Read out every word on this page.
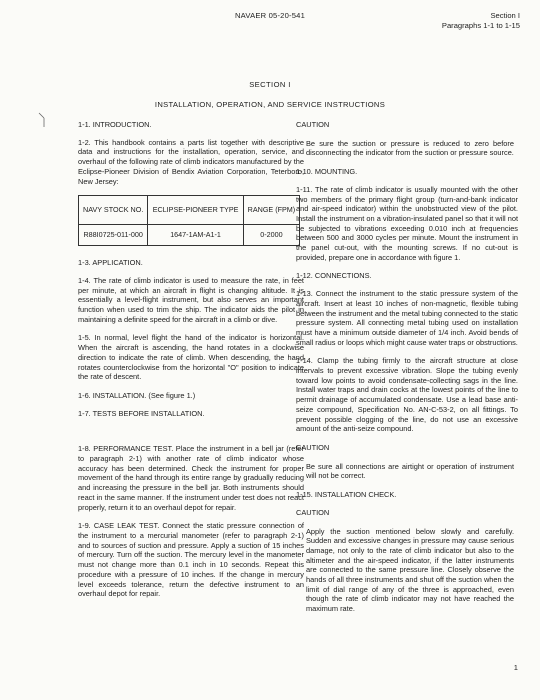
NAVAER 05-20-541	Section I
Paragraphs 1-1 to 1-15
SECTION I
INSTALLATION, OPERATION, AND SERVICE INSTRUCTIONS

1-1. INTRODUCTION.

1-2. This handbook contains a parts list together with descriptive data and instructions for the installation, operation, service, and overhaul of the following rate of climb indicators manufactured by the Eclipse-Pioneer Division of Bendix Aviation Corporation, Teterboro, New Jersey:

NAVY STOCK NO.	ECLIPSE-PIONEER TYPE	RANGE (FPM)
R88I0725-011-000	1647-1AM-A1-1	0-2000

1-3. APPLICATION.

1-4. The rate of climb indicator is used to measure the rate, in feet per minute, at which an aircraft in flight is changing altitude. It is essentially a level-flight instrument, but also serves an important function when used to trim the ship. The indicator aids the pilot in maintaining a definite speed for the aircraft in a climb or dive.

1-5. In normal, level flight the hand of the indicator is horizontal. When the aircraft is ascending, the hand rotates in a clockwise direction to indicate the rate of climb. When descending, the hand rotates counterclockwise from the horizontal "O" position to indicate the rate of descent.

1-6. INSTALLATION. (See figure 1.)

1-7. TESTS BEFORE INSTALLATION.

1-8. PERFORMANCE TEST. Place the instrument in a bell jar (refer to paragraph 2-1) with another rate of climb indicator whose accuracy has been determined. Check the instrument for proper movement of the hand through its entire range by gradually reducing and increasing the pressure in the bell jar. Both instruments should react in the same manner. If the instrument under test does not react properly, return it to an overhaul depot for repair.

1-9. CASE LEAK TEST. Connect the static pressure connection of the instrument to a mercurial manometer (refer to paragraph 2-1) and to sources of suction and pressure. Apply a suction of 15 inches of mercury. Turn off the suction. The mercury level in the manometer must not change more than 0.1 inch in 10 seconds. Repeat this procedure with a pressure of 10 inches. If the change in mercury level exceeds tolerance, return the defective instrument to an overhaul depot for repair.

CAUTION

Be sure the suction or pressure is reduced to zero before disconnecting the indicator from the suction or pressure source.

1-10. MOUNTING.

1-11. The rate of climb indicator is usually mounted with the other two members of the primary flight group (turn-and-bank indicator and air-speed indicator) within the unobstructed view of the pilot. Install the instrument on a vibration-insulated panel so that it will not be subjected to vibrations exceeding 0.010 inch at frequencies between 500 and 3000 cycles per minute. Mount the instrument in the panel cut-out, with the mounting screws. If no cut-out is provided, prepare one in accordance with figure 1.

1-12. CONNECTIONS.

1-13. Connect the instrument to the static pressure system of the aircraft. Insert at least 10 inches of non-magnetic, flexible tubing between the instrument and the metal tubing connected to the static pressure system. All connecting metal tubing used on installation must have a minimum outside diameter of 1/4 inch. Avoid bends of small radius or loops which might cause water traps or obstructions.

1-14. Clamp the tubing firmly to the aircraft structure at close intervals to prevent excessive vibration. Slope the tubing evenly toward low points to avoid condensate-collecting sags in the line. Install water traps and drain cocks at the lowest points of the line to permit drainage of accumulated condensate. Use a lead base anti-seize compound, Specification No. AN-C-53-2, on all fittings. To prevent possible clogging of the line, do not use an excessive amount of the anti-seize compound.

CAUTION

Be sure all connections are airtight or operation of instrument will not be correct.

1-15. INSTALLATION CHECK.

CAUTION

Apply the suction mentioned below slowly and carefully. Sudden and excessive changes in pressure may cause serious damage, not only to the rate of climb indicator but also to the altimeter and the air-speed indicator, if the latter instruments are connected to the same pressure line. Closely observe the hands of all three instruments and shut off the suction when the limit of dial range of any of the three is approached, even though the rate of climb indicator may not have reached the maximum rate.

1
